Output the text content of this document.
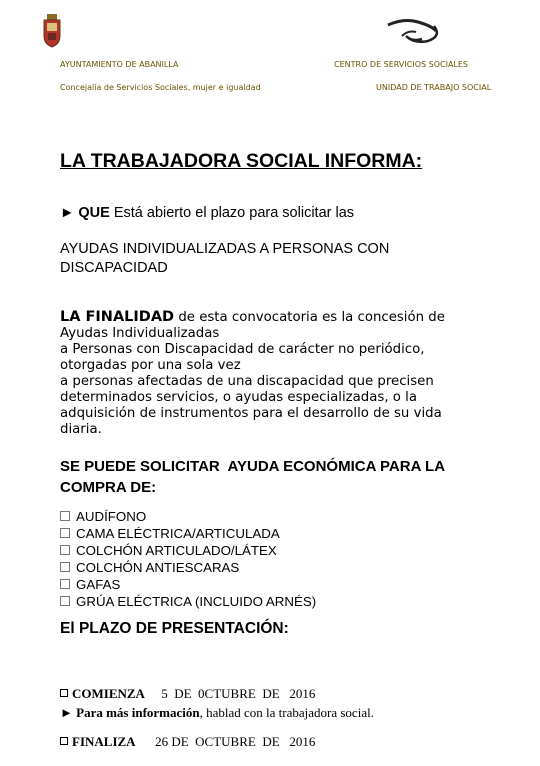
AYUNTAMIENTO DE ABANILLA
Concejalía de Servicios Sociales, mujer e igualdad
CENTRO DE SERVICIOS SOCIALES
UNIDAD DE TRABAJO SOCIAL
LA TRABAJADORA SOCIAL INFORMA:
► QUE Está abierto el plazo para solicitar las
AYUDAS INDIVIDUALIZADAS A PERSONAS CON
DISCAPACIDAD
LA FINALIDAD de esta convocatoria es la concesión de
Ayudas Individualizadas
a Personas con Discapacidad de carácter no periódico,
otorgadas por una sola vez
a personas afectadas de una discapacidad que precisen
determinados servicios, o ayudas especializadas, o la
adquisición de instrumentos para el desarrollo de su vida
diaria.
SE PUEDE SOLICITAR  AYUDA ECONÓMICA PARA LA
COMPRA DE:
AUDÍFONO
CAMA ELÉCTRICA/ARTICULADA
COLCHÓN ARTICULADO/LÁTEX
COLCHÓN ANTIESCARAS
GAFAS
GRÚA ELÉCTRICA (INCLUIDO ARNÉS)
El PLAZO DE PRESENTACIÓN:

COMIENZA 5  DE  0CTUBRE  DE   2016

FINALIZA 26 DE  OCTUBRE  DE   2016

► Para más información, hablad con la trabajadora social.
